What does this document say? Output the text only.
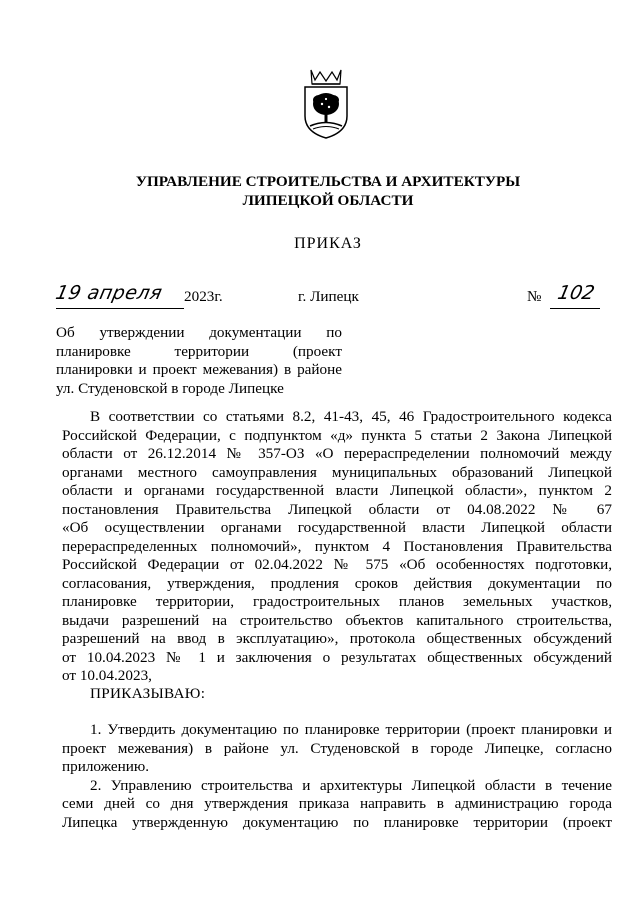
УПРАВЛЕНИЕ СТРОИТЕЛЬСТВА И АРХИТЕКТУРЫ
ЛИПЕЦКОЙ ОБЛАСТИ
ПРИКАЗ
19 апреля 2023г.	г. Липецк	№ 102
Об утверждении документации по
планировке территории (проект
планировки и проект межевания) в районе
ул. Студеновской в городе Липецке
В соответствии со статьями 8.2, 41-43, 45, 46 Градостроительного кодекса
Российской Федерации, с подпунктом «д» пункта 5 статьи 2 Закона Липецкой
области от 26.12.2014 № 357-ОЗ «О перераспределении полномочий между
органами местного самоуправления муниципальных образований Липецкой
области и органами государственной власти Липецкой области», пунктом 2
постановления Правительства Липецкой области от 04.08.2022 № 67
«Об осуществлении органами государственной власти Липецкой области
перераспределенных полномочий», пунктом 4 Постановления Правительства
Российской Федерации от 02.04.2022 № 575 «Об особенностях подготовки,
согласования, утверждения, продления сроков действия документации по
планировке территории, градостроительных планов земельных участков,
выдачи разрешений на строительство объектов капитального строительства,
разрешений на ввод в эксплуатацию», протокола общественных обсуждений
от 10.04.2023 № 1 и заключения о результатах общественных обсуждений
от 10.04.2023,
ПРИКАЗЫВАЮ:
1. Утвердить документацию по планировке территории (проект планировки и
проект межевания) в районе ул. Студеновской в городе Липецке, согласно
приложению.
2. Управлению строительства и архитектуры Липецкой области в течение
семи дней со дня утверждения приказа направить в администрацию города
Липецка утвержденную документацию по планировке территории (проект
